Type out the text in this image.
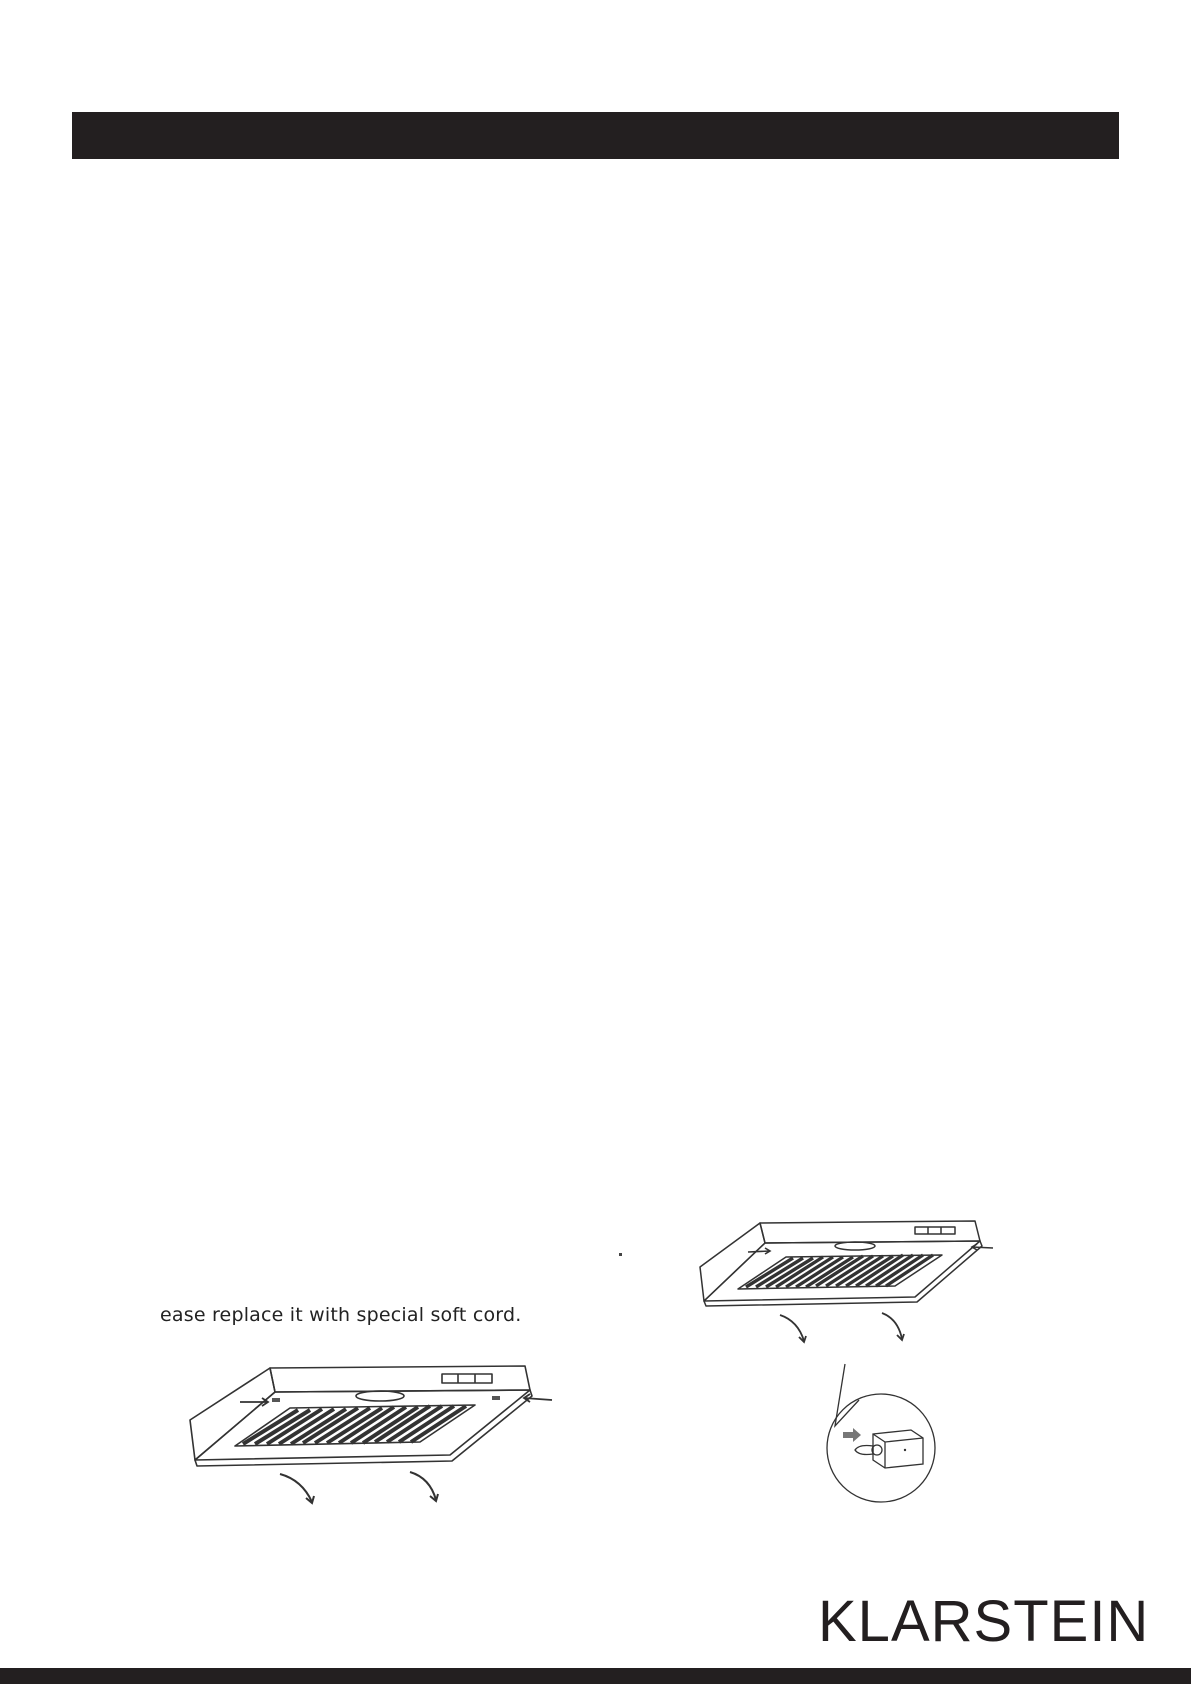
ease replace it with special soft cord.
KLARSTEIN
